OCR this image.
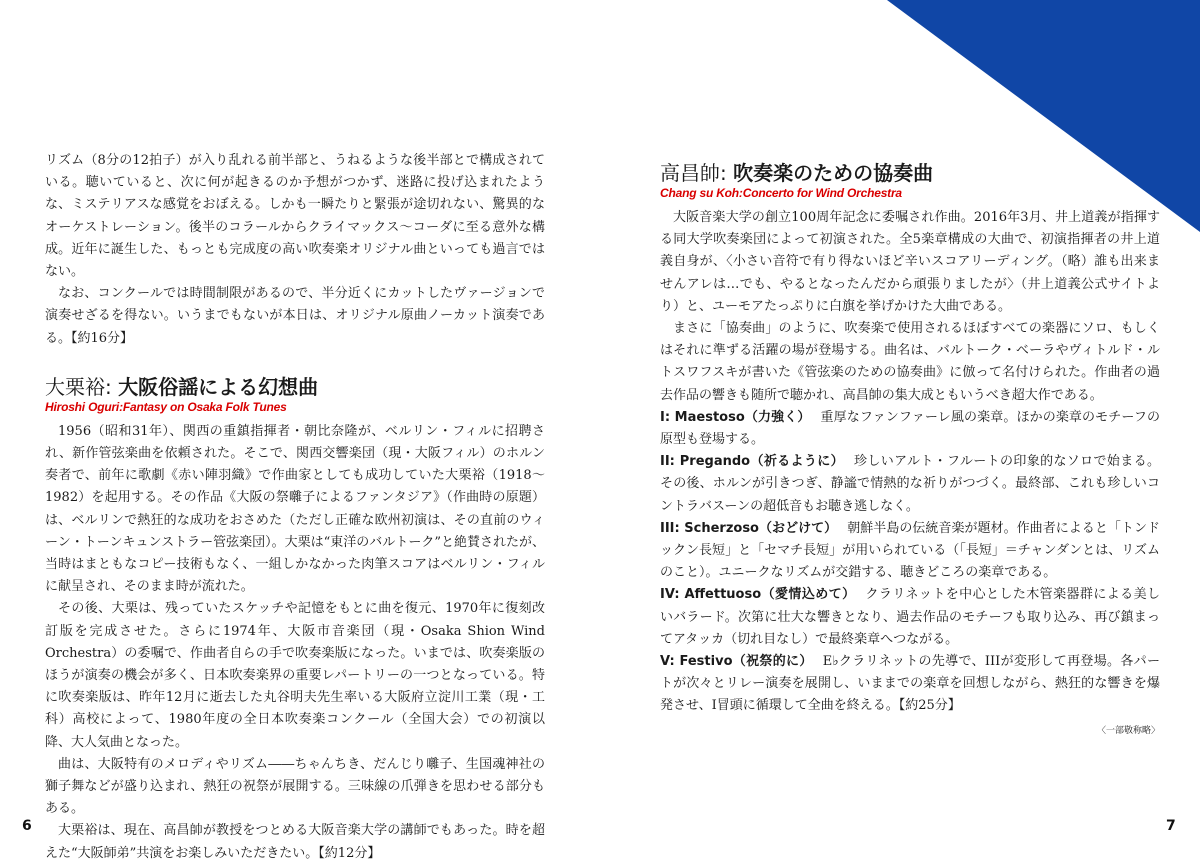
リズム（8分の12拍子）が入り乱れる前半部と、うねるような後半部とで構成されている。聴いていると、次に何が起きるのか予想がつかず、迷路に投げ込まれたような、ミステリアスな感覚をおぼえる。しかも一瞬たりと緊張が途切れない、驚異的なオーケストレーション。後半のコラールからクライマックス～コーダに至る意外な構成。近年に誕生した、もっとも完成度の高い吹奏楽オリジナル曲といっても過言ではない。

なお、コンクールでは時間制限があるので、半分近くにカットしたヴァージョンで演奏せざるを得ない。いうまでもないが本日は、オリジナル原曲ノーカット演奏である。【約16分】

大栗裕: 大阪俗謡による幻想曲
Hiroshi Oguri:Fantasy on Osaka Folk Tunes

1956（昭和31年）、関西の重鎮指揮者・朝比奈隆が、ベルリン・フィルに招聘され、新作管弦楽曲を依頼された。そこで、関西交響楽団（現・大阪フィル）のホルン奏者で、前年に歌劇《赤い陣羽織》で作曲家としても成功していた大栗裕（1918～1982）を起用する。その作品《大阪の祭囃子によるファンタジア》（作曲時の原題）は、ベルリンで熱狂的な成功をおさめた（ただし正確な欧州初演は、その直前のウィーン・トーンキュンストラー管弦楽団）。大栗は“東洋のバルトーク”と絶賛されたが、当時はまともなコピー技術もなく、一組しかなかった肉筆スコアはベルリン・フィルに献呈され、そのまま時が流れた。

その後、大栗は、残っていたスケッチや記憶をもとに曲を復元、1970年に復刻改訂版を完成させた。さらに1974年、大阪市音楽団（現・Osaka Shion Wind Orchestra）の委嘱で、作曲者自らの手で吹奏楽版になった。いまでは、吹奏楽版のほうが演奏の機会が多く、日本吹奏楽界の重要レパートリーの一つとなっている。特に吹奏楽版は、昨年12月に逝去した丸谷明夫先生率いる大阪府立淀川工業（現・工科）高校によって、1980年度の全日本吹奏楽コンクール（全国大会）での初演以降、大人気曲となった。

曲は、大阪特有のメロディやリズム――ちゃんちき、だんじり囃子、生国魂神社の獅子舞などが盛り込まれ、熱狂の祝祭が展開する。三味線の爪弾きを思わせる部分もある。

大栗裕は、現在、高昌帥が教授をつとめる大阪音楽大学の講師でもあった。時を超えた“大阪師弟”共演をお楽しみいただきたい。【約12分】

高昌帥: 吹奏楽のための協奏曲
Chang su Koh:Concerto for Wind Orchestra

大阪音楽大学の創立100周年記念に委嘱され作曲。2016年3月、井上道義が指揮する同大学吹奏楽団によって初演された。全5楽章構成の大曲で、初演指揮者の井上道義自身が、〈小さい音符で有り得ないほど辛いスコアリーディング。（略）誰も出来ませんアレは…でも、やるとなったんだから頑張りましたが〉（井上道義公式サイトより）と、ユーモアたっぷりに白旗を挙げかけた大曲である。

まさに「協奏曲」のように、吹奏楽で使用されるほぼすべての楽器にソロ、もしくはそれに準ずる活躍の場が登場する。曲名は、バルトーク・ベーラやヴィトルド・ルトスワフスキが書いた《管弦楽のための協奏曲》に倣って名付けられた。作曲者の過去作品の響きも随所で聴かれ、高昌帥の集大成ともいうべき超大作である。

I: Maestoso（力強く） 重厚なファンファーレ風の楽章。ほかの楽章のモチーフの原型も登場する。

II: Pregando（祈るように） 珍しいアルト・フルートの印象的なソロで始まる。その後、ホルンが引きつぎ、静謐で情熱的な祈りがつづく。最終部、これも珍しいコントラバスーンの超低音もお聴き逃しなく。

III: Scherzoso（おどけて） 朝鮮半島の伝統音楽が題材。作曲者によると「トンドックン長短」と「セマチ長短」が用いられている（「長短」＝チャンダンとは、リズムのこと）。ユニークなリズムが交錯する、聴きどころの楽章である。

IV: Affettuoso（愛情込めて） クラリネットを中心とした木管楽器群による美しいバラード。次第に壮大な響きとなり、過去作品のモチーフも取り込み、再び鎮まってアタッカ（切れ目なし）で最終楽章へつながる。

V: Festivo（祝祭的に） E♭クラリネットの先導で、IIIが変形して再登場。各パートが次々とリレー演奏を展開し、いままでの楽章を回想しながら、熱狂的な響きを爆発させ、I冒頭に循環して全曲を終える。【約25分】

〈一部敬称略〉
6	7
